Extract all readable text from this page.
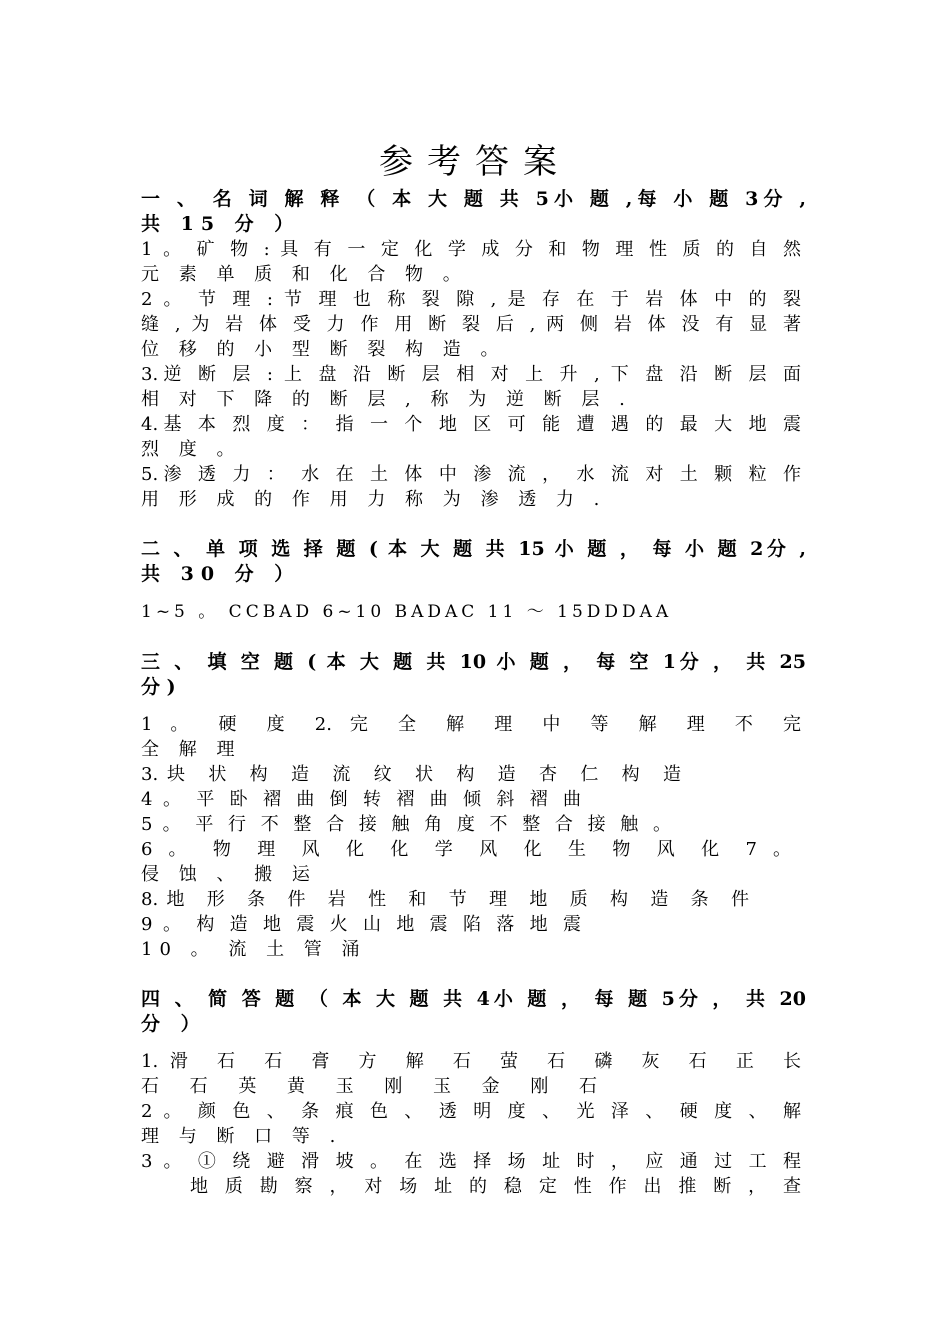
参考答案
一 、 名 词 解 释 （ 本 大 题 共 5小 题 ,每 小 题 3分 ,
共 15 分 ）
1 。 矿 物 : 具 有 一 定 化 学 成 分 和 物 理 性 质 的 自 然
元 素 单 质 和 化 合 物 。
2 。 节 理 : 节 理 也 称 裂 隙 , 是 存 在 于 岩 体 中 的 裂
缝 , 为 岩 体 受 力 作 用 断 裂 后 , 两 侧 岩 体 没 有 显 著
位 移 的 小 型 断 裂 构 造 。
3.逆 断 层 : 上 盘 沿 断 层 相 对 上 升 , 下 盘 沿 断 层 面
相 对 下 降 的 断 层 , 称 为 逆 断 层 .
4.基 本 烈 度 ： 指 一 个 地 区 可 能 遭 遇 的 最 大 地 震
烈 度 。
5.渗 透 力 ： 水 在 土 体 中 渗 流 ， 水 流 对 土 颗 粒 作
用 形 成 的 作 用 力 称 为 渗 透 力 .
二 、 单 项 选 择 题 ( 本 大 题 共 15 小 题 ， 每 小 题 2分 ,
共 30 分 ）
1~5 。 CCBAD 6~10 BADAC 11 ～ 15DDDAA
三 、 填 空 题 ( 本 大 题 共 10 小 题 ， 每 空 1分 ， 共 25
分 )
1 。 硬 度 2. 完 全 解 理 中 等 解 理 不 完
全 解 理
3.块 状 构 造 流 纹 状 构 造 杏 仁 构 造
4 。 平 卧 褶 曲 倒 转 褶 曲 倾 斜 褶 曲
5 。 平 行 不 整 合 接 触 角 度 不 整 合 接 触 。
6 。 物 理 风 化 化 学 风 化 生 物 风 化 7 。
侵 蚀 、 搬 运
8.地 形 条 件 岩 性 和 节 理 地 质 构 造 条 件
9 。 构 造 地 震 火 山 地 震 陷 落 地 震
10 。 流 土 管 涌
四 、 简 答 题 （ 本 大 题 共 4小 题 ， 每 题 5分 ， 共 20
分 ）
1.滑 石 石 膏 方 解 石 萤 石 磷 灰 石 正 长
石 石 英 黄 玉 刚 玉 金 刚 石
2 。 颜 色 、 条 痕 色 、 透 明 度 、 光 泽 、 硬 度 、 解
理 与 断 口 等 .
3 。 ① 绕 避 滑 坡 。 在 选 择 场 址 时 ， 应 通 过 工 程
地 质 勘 察 ， 对 场 址 的 稳 定 性 作 出 推 断 ， 查
